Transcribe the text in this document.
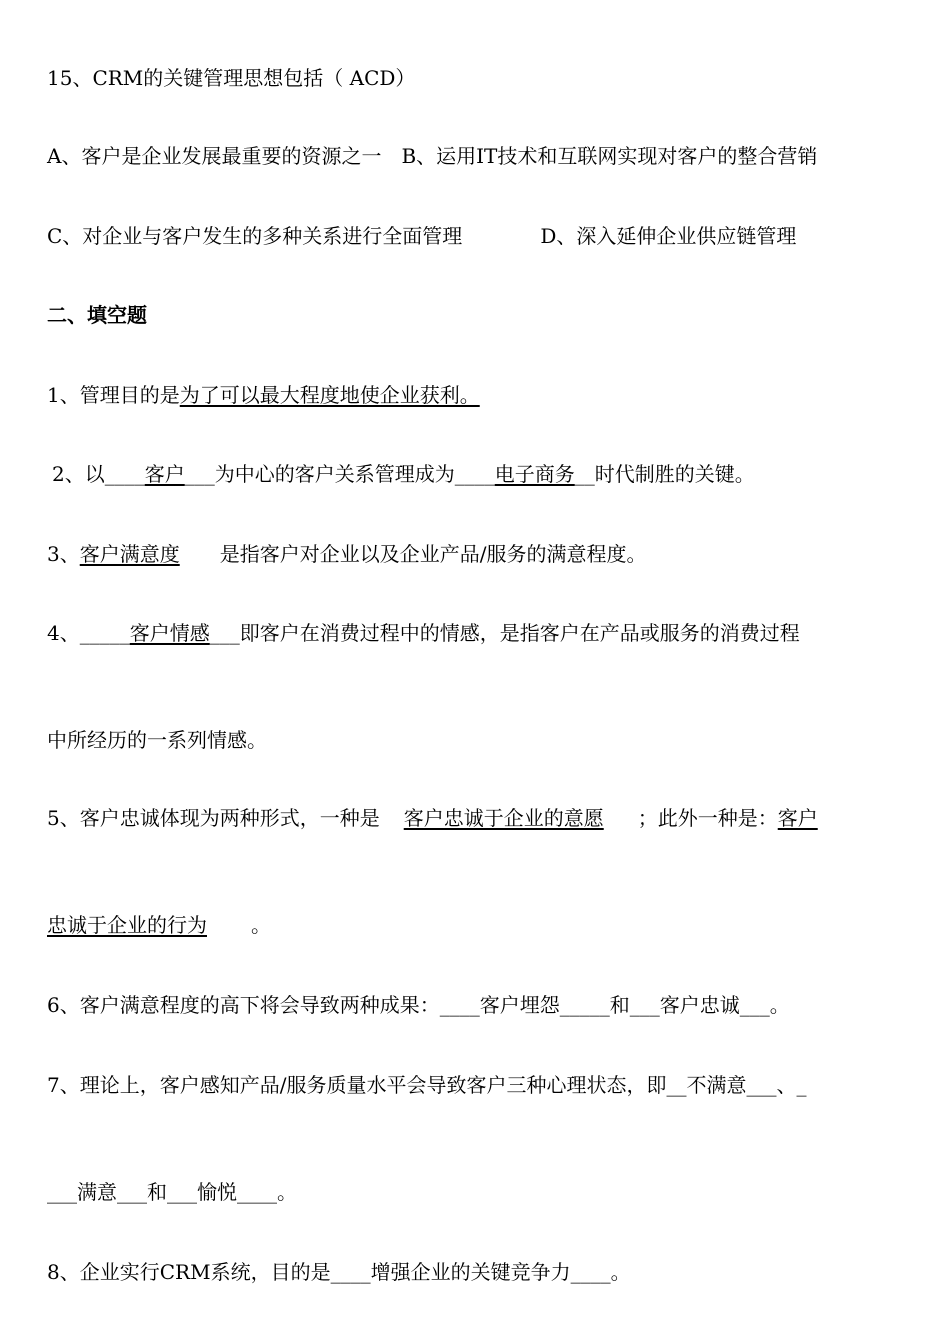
15、CRM的关键管理思想包括（ ACD）
A、客户是企业发展最重要的资源之一 B、运用IT技术和互联网实现对客户的整合营销
C、对企业与客户发生的多种关系进行全面管理	D、深入延伸企业供应链管理
二、填空题
1、管理目的是为了可以最大程度地使企业获利。
2、以____客户___为中心的客户关系管理成为____电子商务__时代制胜的关键。
3、客户满意度 是指客户对企业以及企业产品/服务的满意程度。
4、_____客户情感___即客户在消费过程中的情感，是指客户在产品或服务的消费过程
中所经历的一系列情感。
5、客户忠诚体现为两种形式，一种是 客户忠诚于企业的意愿 ；此外一种是：客户
忠诚于企业的行为 。
6、客户满意程度的高下将会导致两种成果：____客户埋怨_____和___客户忠诚___。
7、理论上，客户感知产品/服务质量水平会导致客户三种心理状态，即__不满意___、_
___满意___和___愉悦____。
8、企业实行CRM系统，目的是____增强企业的关键竞争力____。
